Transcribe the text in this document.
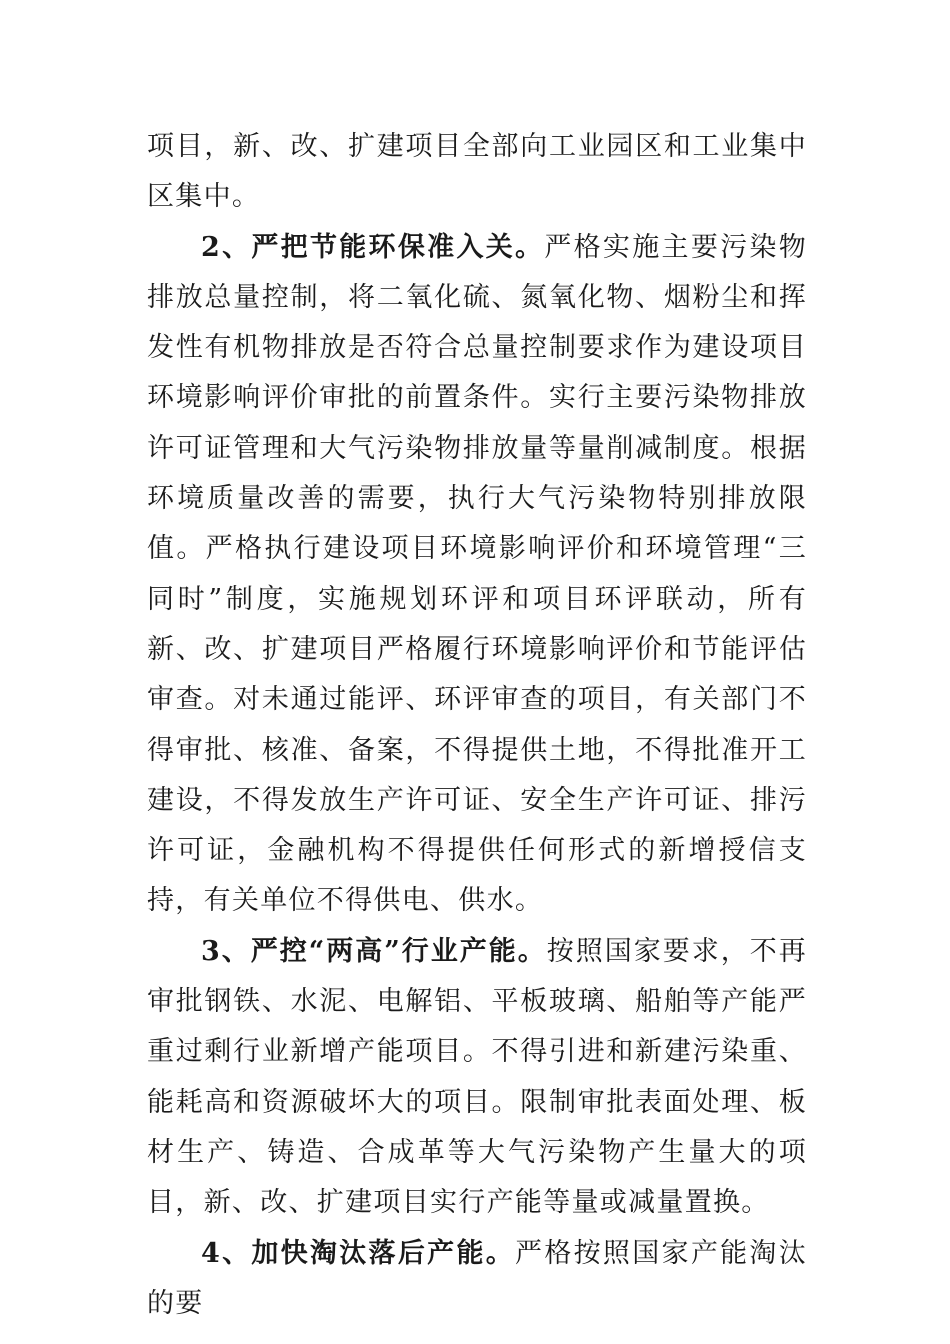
项目，新、改、扩建项目全部向工业园区和工业集中区集中。

2、严把节能环保准入关。严格实施主要污染物排放总量控制，将二氧化硫、氮氧化物、烟粉尘和挥发性有机物排放是否符合总量控制要求作为建设项目环境影响评价审批的前置条件。实行主要污染物排放许可证管理和大气污染物排放量等量削减制度。根据环境质量改善的需要，执行大气污染物特别排放限值。严格执行建设项目环境影响评价和环境管理“三同时”制度，实施规划环评和项目环评联动，所有新、改、扩建项目严格履行环境影响评价和节能评估审查。对未通过能评、环评审查的项目，有关部门不得审批、核准、备案，不得提供土地，不得批准开工建设，不得发放生产许可证、安全生产许可证、排污许可证，金融机构不得提供任何形式的新增授信支持，有关单位不得供电、供水。

3、严控“两高”行业产能。按照国家要求，不再审批钢铁、水泥、电解铝、平板玻璃、船舶等产能严重过剩行业新增产能项目。不得引进和新建污染重、能耗高和资源破坏大的项目。限制审批表面处理、板材生产、铸造、合成革等大气污染物产生量大的项目，新、改、扩建项目实行产能等量或减量置换。

4、加快淘汰落后产能。严格按照国家产能淘汰的要
